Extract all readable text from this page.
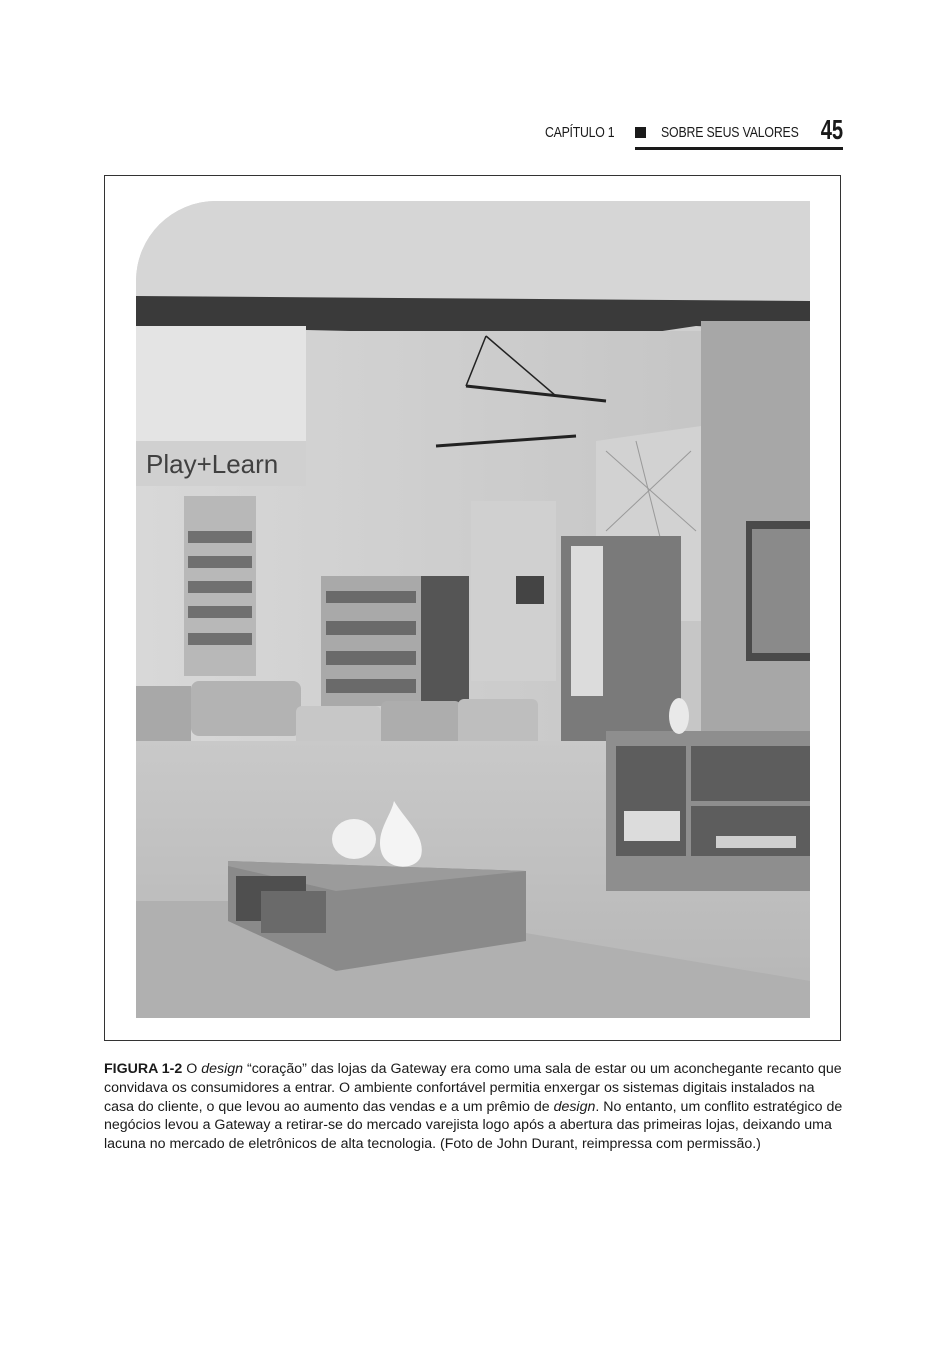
CAPÍTULO 1	SOBRE SEUS VALORES 45
Play+Learn
FIGURA 1-2 O design “coração” das lojas da Gateway era como uma sala de estar ou um aconchegante recanto que convidava os consumidores a entrar. O ambiente confortável permitia enxergar os sistemas digitais instalados na casa do cliente, o que levou ao aumento das vendas e a um prêmio de design. No entanto, um conflito estratégico de negócios levou a Gateway a retirar-se do mercado varejista logo após a abertura das primeiras lojas, deixando uma lacuna no mercado de eletrônicos de alta tecnologia. (Foto de John Durant, reimpressa com permissão.)
